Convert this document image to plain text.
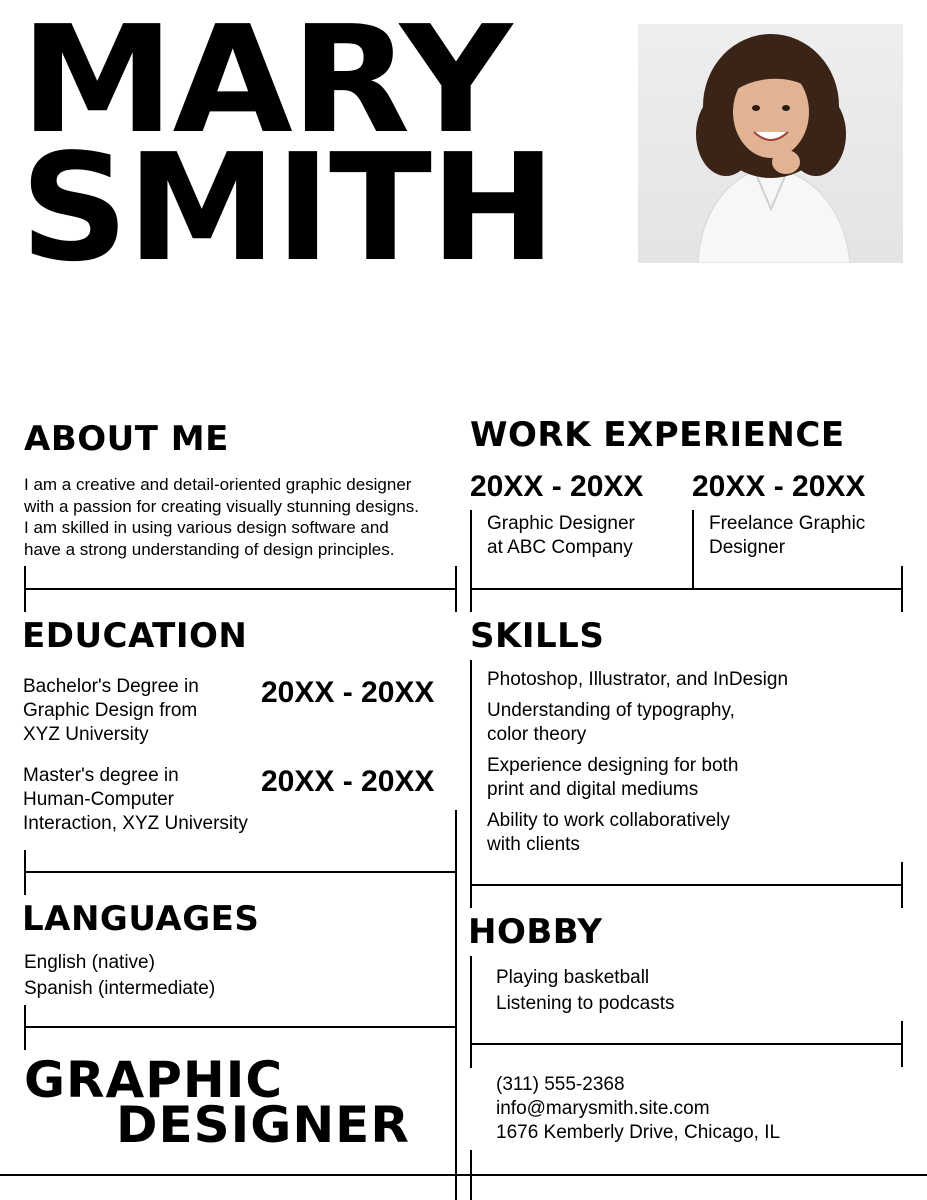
MARY
SMITH
ABOUT ME

I am a creative and detail-oriented graphic designer

with a passion for creating visually stunning designs.

I am skilled in using various design software and

have a strong understanding of design principles.

WORK EXPERIENCE
20XX - 20XX

Graphic Designer

at ABC Company

20XX - 20XX

Freelance Graphic

Designer

EDUCATION

Bachelor's Degree in

Graphic Design from

XYZ University

20XX - 20XX

Master's degree in

Human-Computer

Interaction, XYZ University

20XX - 20XX
SKILLS

Photoshop, Illustrator, and InDesign

Understanding of typography,

color theory

Experience designing for both

print and digital mediums

Ability to work collaboratively

with clients

LANGUAGES

English (native)

Spanish (intermediate)

HOBBY

Playing basketball

Listening to podcasts

GRAPHIC
DESIGNER

(311) 555-2368

info@marysmith.site.com

1676 Kemberly Drive, Chicago, IL
